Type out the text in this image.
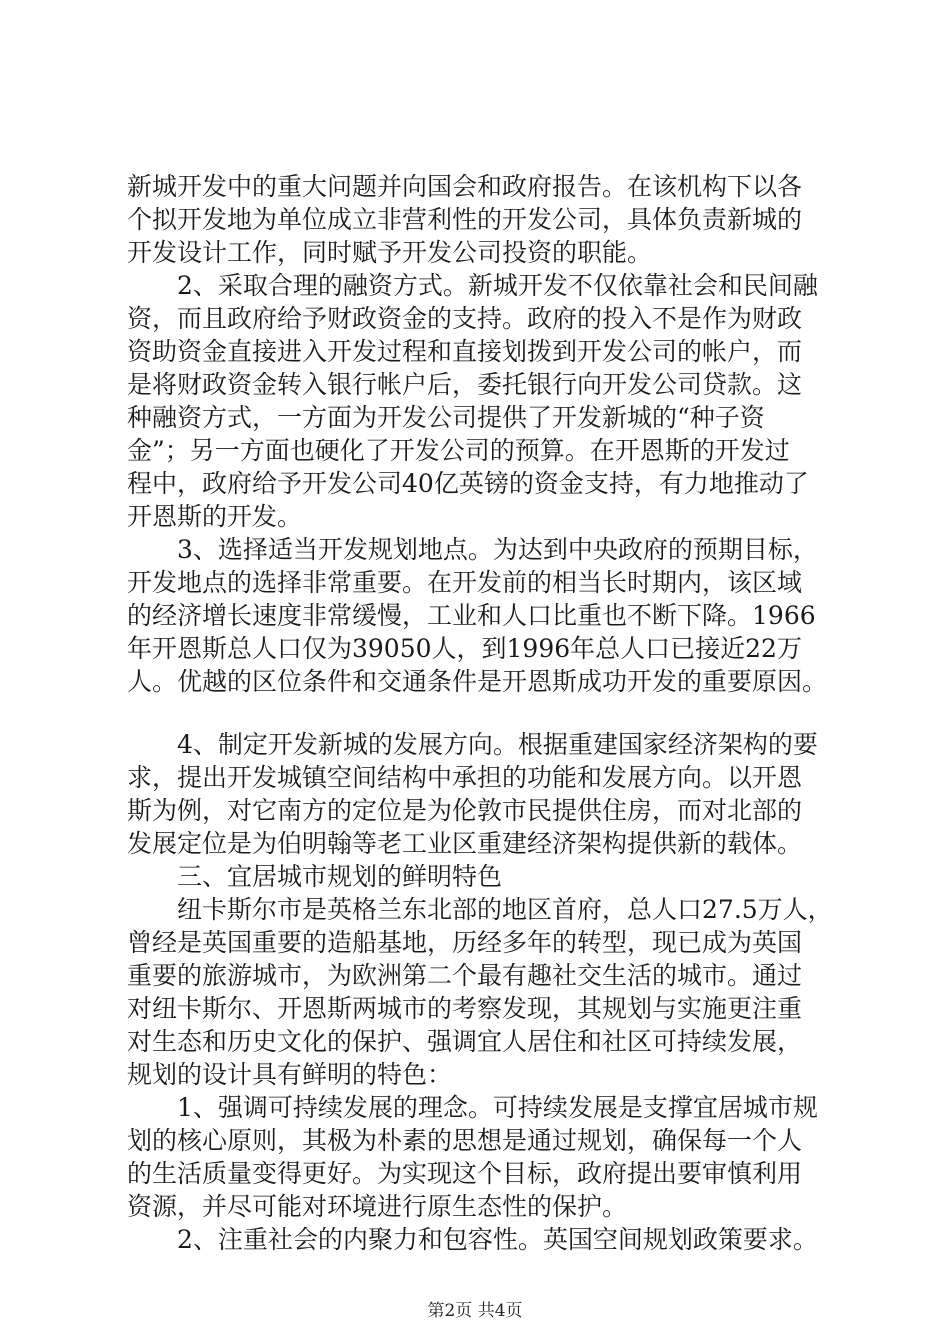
新城开发中的重大问题并向国会和政府报告。在该机构下以各
个拟开发地为单位成立非营利性的开发公司，具体负责新城的
开发设计工作，同时赋予开发公司投资的职能。
2、采取合理的融资方式。新城开发不仅依靠社会和民间融
资，而且政府给予财政资金的支持。政府的投入不是作为财政
资助资金直接进入开发过程和直接划拨到开发公司的帐户，而
是将财政资金转入银行帐户后，委托银行向开发公司贷款。这
种融资方式，一方面为开发公司提供了开发新城的“种子资
金”；另一方面也硬化了开发公司的预算。在开恩斯的开发过
程中，政府给予开发公司40亿英镑的资金支持，有力地推动了
开恩斯的开发。
3、选择适当开发规划地点。为达到中央政府的预期目标，
开发地点的选择非常重要。在开发前的相当长时期内，该区域
的经济增长速度非常缓慢，工业和人口比重也不断下降。1966
年开恩斯总人口仅为39050人，到1996年总人口已接近22万
人。优越的区位条件和交通条件是开恩斯成功开发的重要原因。
4、制定开发新城的发展方向。根据重建国家经济架构的要
求，提出开发城镇空间结构中承担的功能和发展方向。以开恩
斯为例，对它南方的定位是为伦敦市民提供住房，而对北部的
发展定位是为伯明翰等老工业区重建经济架构提供新的载体。
三、宜居城市规划的鲜明特色
纽卡斯尔市是英格兰东北部的地区首府，总人口27.5万人，
曾经是英国重要的造船基地，历经多年的转型，现已成为英国
重要的旅游城市，为欧洲第二个最有趣社交生活的城市。通过
对纽卡斯尔、开恩斯两城市的考察发现，其规划与实施更注重
对生态和历史文化的保护、强调宜人居住和社区可持续发展，
规划的设计具有鲜明的特色：
1、强调可持续发展的理念。可持续发展是支撑宜居城市规
划的核心原则，其极为朴素的思想是通过规划，确保每一个人
的生活质量变得更好。为实现这个目标，政府提出要审慎利用
资源，并尽可能对环境进行原生态性的保护。
2、注重社会的内聚力和包容性。英国空间规划政策要求。
第2页 共4页
